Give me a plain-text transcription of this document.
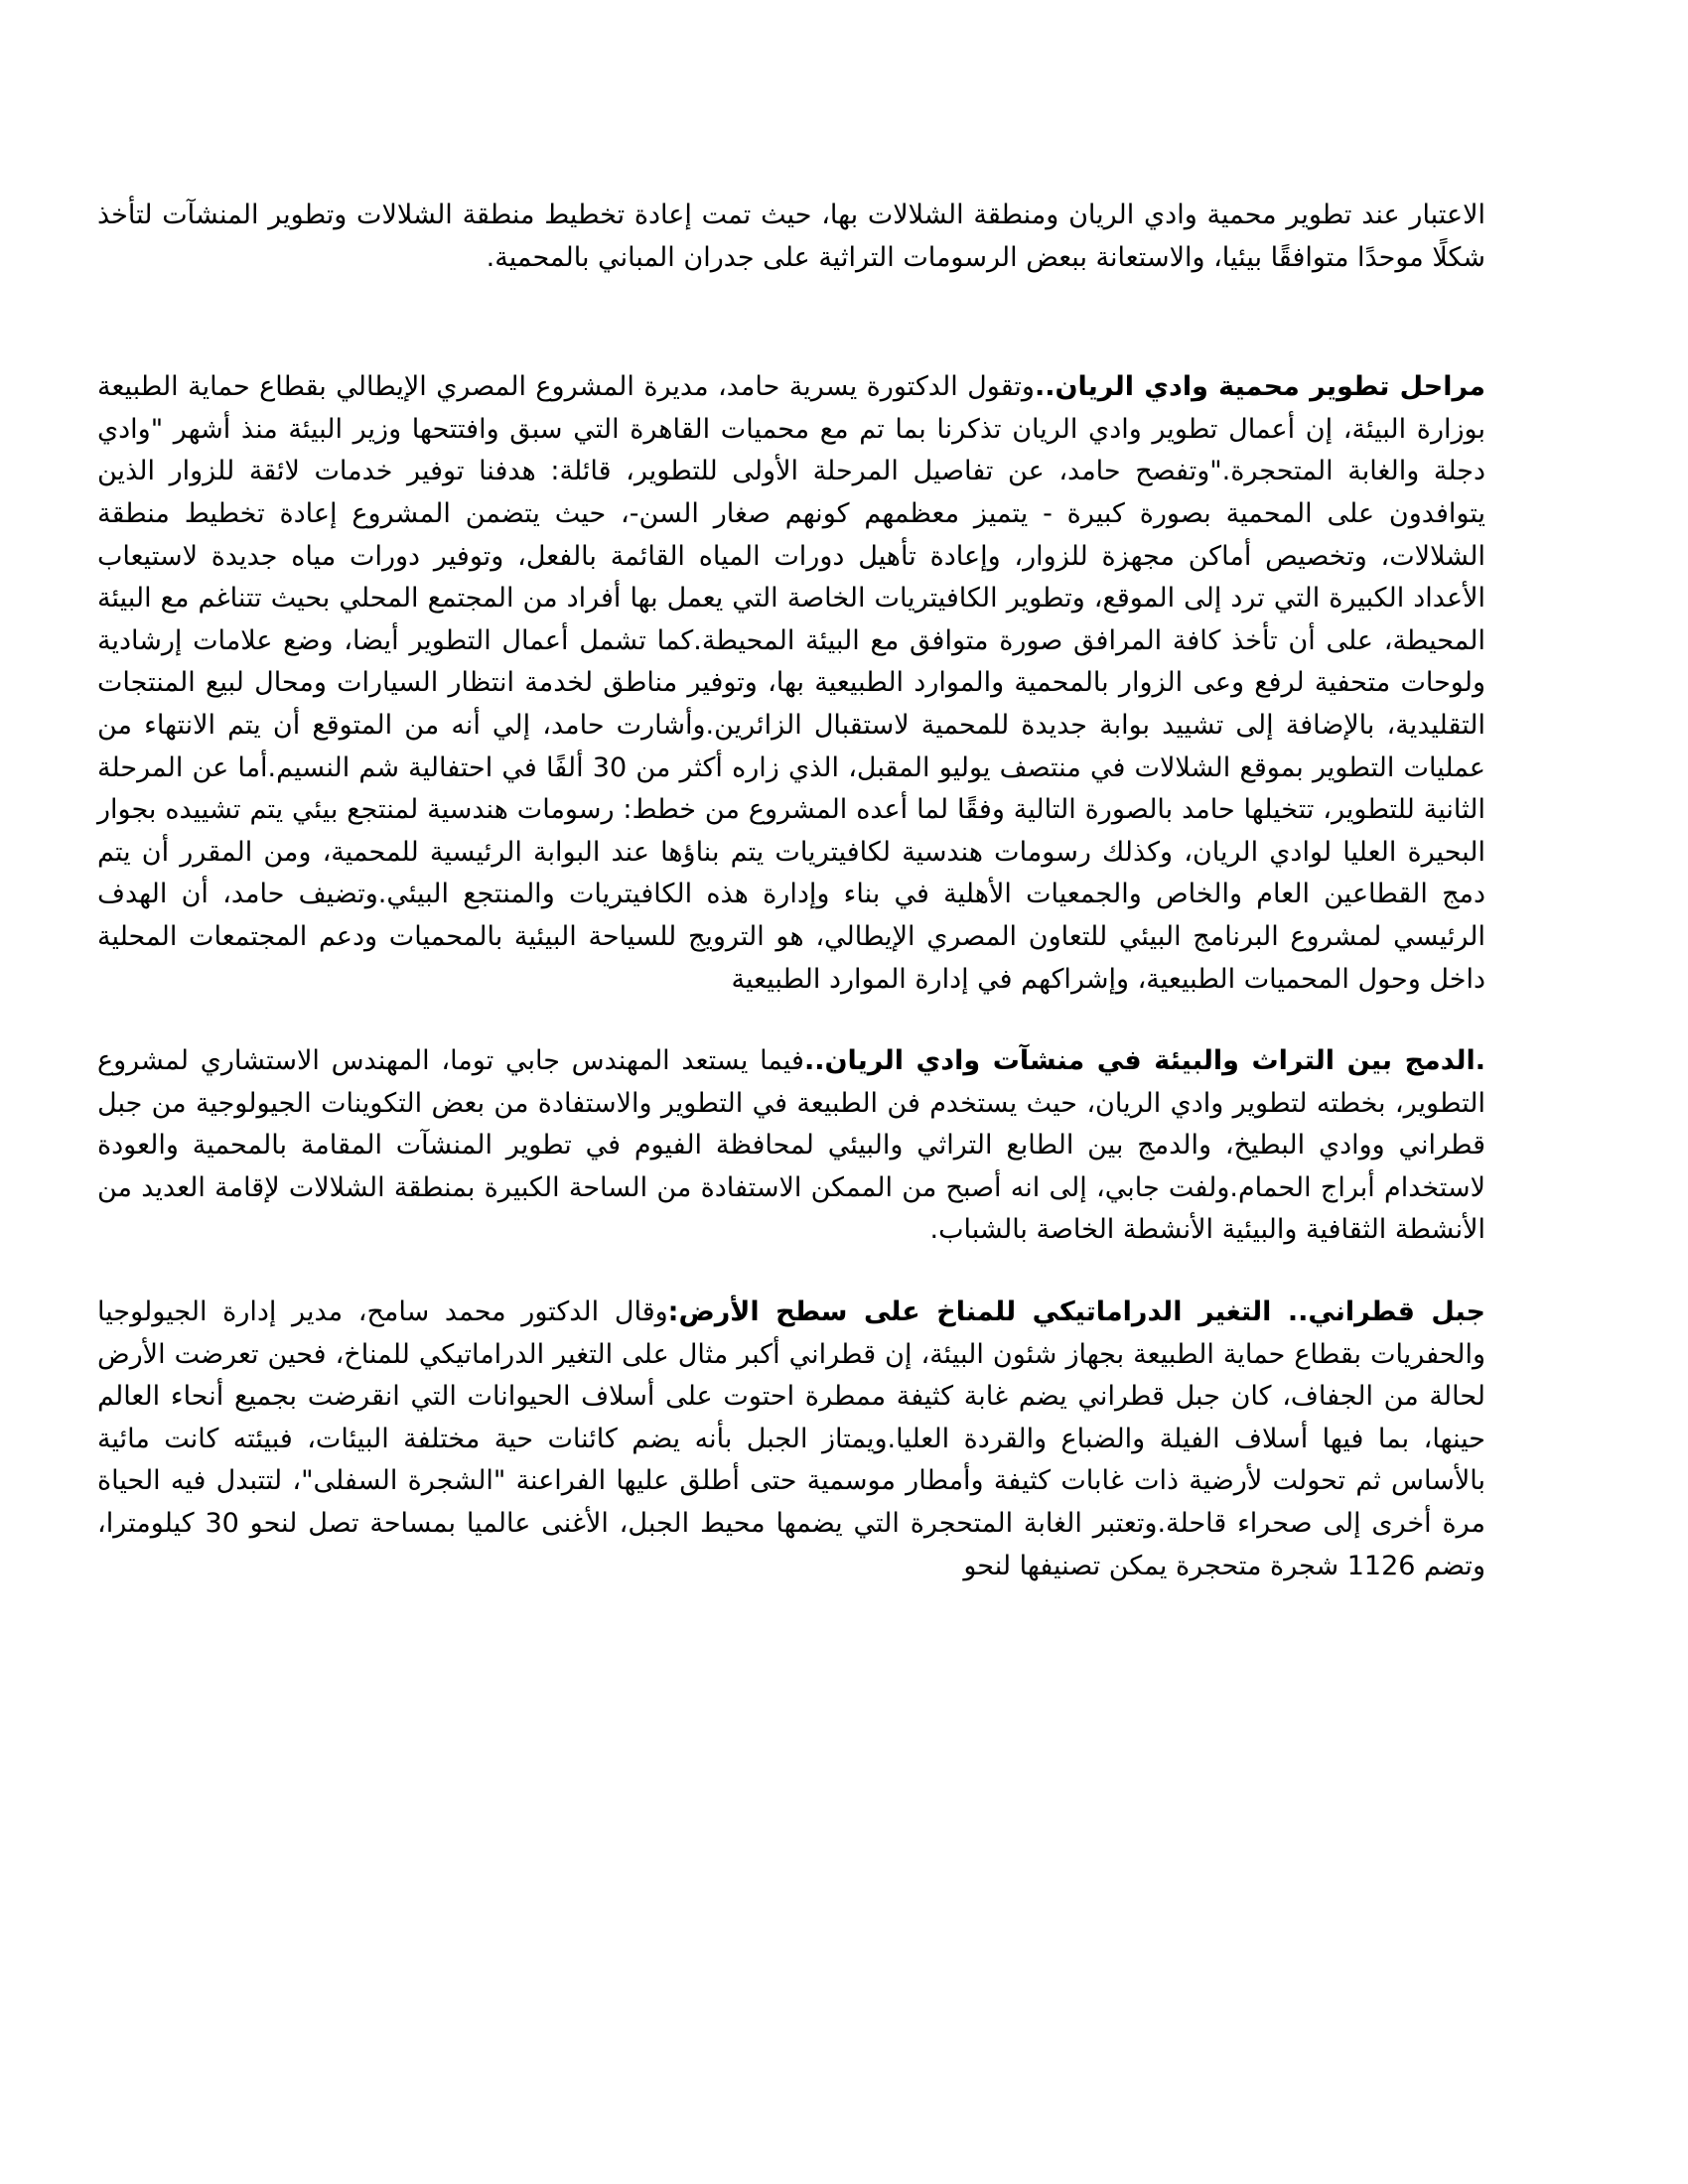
الاعتبار عند تطوير محمية وادي الريان ومنطقة الشلالات بها، حيث تمت إعادة تخطيط منطقة الشلالات وتطوير المنشآت لتأخذ شكلًا موحدًا متوافقًا بيئيا، والاستعانة ببعض الرسومات التراثية على جدران المباني بالمحمية.

مراحل تطوير محمية وادي الريان..وتقول الدكتورة يسرية حامد، مديرة المشروع المصري الإيطالي بقطاع حماية الطبيعة بوزارة البيئة، إن أعمال تطوير وادي الريان تذكرنا بما تم مع محميات القاهرة التي سبق وافتتحها وزير البيئة منذ أشهر "وادي دجلة والغابة المتحجرة."وتفصح حامد، عن تفاصيل المرحلة الأولى للتطوير، قائلة: هدفنا توفير خدمات لائقة للزوار الذين يتوافدون على المحمية بصورة كبيرة - يتميز معظمهم كونهم صغار السن-، حيث يتضمن المشروع إعادة تخطيط منطقة الشلالات، وتخصيص أماكن مجهزة للزوار، وإعادة تأهيل دورات المياه القائمة بالفعل، وتوفير دورات مياه جديدة لاستيعاب الأعداد الكبيرة التي ترد إلى الموقع، وتطوير الكافيتريات الخاصة التي يعمل بها أفراد من المجتمع المحلي بحيث تتناغم مع البيئة المحيطة، على أن تأخذ كافة المرافق صورة متوافق مع البيئة المحيطة.كما تشمل أعمال التطوير أيضا، وضع علامات إرشادية ولوحات متحفية لرفع وعى الزوار بالمحمية والموارد الطبيعية بها، وتوفير مناطق لخدمة انتظار السيارات ومحال لبيع المنتجات التقليدية، بالإضافة إلى تشييد بوابة جديدة للمحمية لاستقبال الزائرين.وأشارت حامد، إلي أنه من المتوقع أن يتم الانتهاء من عمليات التطوير بموقع الشلالات في منتصف يوليو المقبل، الذي زاره أكثر من 30 ألفًا في احتفالية شم النسيم.أما عن المرحلة الثانية للتطوير، تتخيلها حامد بالصورة التالية وفقًا لما أعده المشروع من خطط: رسومات هندسية لمنتجع بيئي يتم تشييده بجوار البحيرة العليا لوادي الريان، وكذلك رسومات هندسية لكافيتريات يتم بناؤها عند البوابة الرئيسية للمحمية، ومن المقرر أن يتم دمج القطاعين العام والخاص والجمعيات الأهلية في بناء وإدارة هذه الكافيتريات والمنتجع البيئي.وتضيف حامد، أن الهدف الرئيسي لمشروع البرنامج البيئي للتعاون المصري الإيطالي، هو الترويج للسياحة البيئية بالمحميات ودعم المجتمعات المحلية داخل وحول المحميات الطبيعية، وإشراكهم في إدارة الموارد الطبيعية

.الدمج بين التراث والبيئة في منشآت وادي الريان..فيما يستعد المهندس جابي توما، المهندس الاستشاري لمشروع التطوير، بخطته لتطوير وادي الريان، حيث يستخدم فن الطبيعة في التطوير والاستفادة من بعض التكوينات الجيولوجية من جبل قطراني ووادي البطيخ، والدمج بين الطابع التراثي والبيئي لمحافظة الفيوم في تطوير المنشآت المقامة بالمحمية والعودة لاستخدام أبراج الحمام.ولفت جابي، إلى انه أصبح من الممكن الاستفادة من الساحة الكبيرة بمنطقة الشلالات لإقامة العديد من الأنشطة الثقافية والبيئية الأنشطة الخاصة بالشباب.

جبل قطراني.. التغير الدراماتيكي للمناخ على سطح الأرض:وقال الدكتور محمد سامح، مدير إدارة الجيولوجيا والحفريات بقطاع حماية الطبيعة بجهاز شئون البيئة، إن قطراني أكبر مثال على التغير الدراماتيكي للمناخ، فحين تعرضت الأرض لحالة من الجفاف، كان جبل قطراني يضم غابة كثيفة ممطرة احتوت على أسلاف الحيوانات التي انقرضت بجميع أنحاء العالم حينها، بما فيها أسلاف الفيلة والضباع والقردة العليا.ويمتاز الجبل بأنه يضم كائنات حية مختلفة البيئات، فبيئته كانت مائية بالأساس ثم تحولت لأرضية ذات غابات كثيفة وأمطار موسمية حتى أطلق عليها الفراعنة "الشجرة السفلى"، لتتبدل فيه الحياة مرة أخرى إلى صحراء قاحلة.وتعتبر الغابة المتحجرة التي يضمها محيط الجبل، الأغنى عالميا بمساحة تصل لنحو 30 كيلومترا، وتضم 1126 شجرة متحجرة يمكن تصنيفها لنحو
